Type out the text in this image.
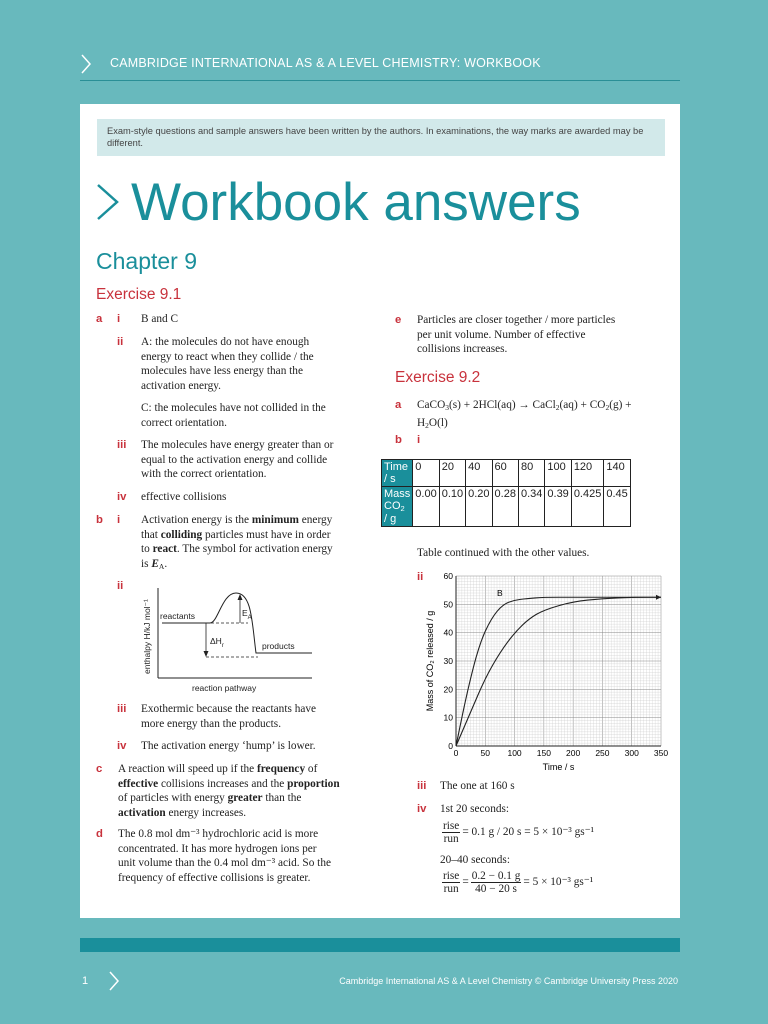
CAMBRIDGE INTERNATIONAL AS & A LEVEL CHEMISTRY: WORKBOOK
Exam-style questions and sample answers have been written by the authors. In examinations, the way marks are awarded may be different.
Workbook answers
Chapter 9
Exercise 9.1
a i B and C
ii A: the molecules do not have enough
energy to react when they collide / the
molecules have less energy than the
activation energy.
C: the molecules have not collided in the
correct orientation.
iii The molecules have energy greater than or
equal to the activation energy and collide
with the correct orientation.
iv effective collisions
b i Activation energy is the minimum energy
that colliding particles must have in order
to react. The symbol for activation energy
is $E_A$.
ii
enthalpy H/kJ mol⁻¹
reaction pathway
reactants
products
$E_A$
$\Delta H_r$
iii Exothermic because the reactants have
more energy than the products.
iv The activation energy ‘hump’ is lower.
c A reaction will speed up if the frequency of
effective collisions increases and the proportion
of particles with energy greater than the
activation energy increases.
d The 0.8 mol dm⁻³ hydrochloric acid is more
concentrated. It has more hydrogen ions per
unit volume than the 0.4 mol dm⁻³ acid. So the
frequency of effective collisions is greater.
e Particles are closer together / more particles
per unit volume. Number of effective
collisions increases.
Exercise 9.2
a CaCO$_3$(s) + 2HCl(aq) → CaCl$_2$(aq) + $CO_2(g)$ +
$H_2O(l)$
b i
Time
/ s	0	20	40	60	80	100	120	140

Mass
$CO_2$
/ g	0.00	0.10	0.20	0.28	0.34	0.39	0.425	0.45
Table continued with the other values.
ii
0	50 100 150 200 250 300 350
0
10
20
30
40
50
60
Time / s
Mass of CO₂ released / g
B
iii The one at 160 s
iv 1st 20 seconds:
$\frac{\text{rise}}{\text{run}} = 0.1$ g / 20 s = 5 × 10⁻³ gs⁻¹
20–40 seconds:
$\frac{\text{rise}}{\text{run}} = \frac{0.2 - 0.1 g}{40 - 20 s} = 5 \times 10^{-3}$ gs⁻¹
1	Cambridge International AS & A Level Chemistry © Cambridge University Press 2020
